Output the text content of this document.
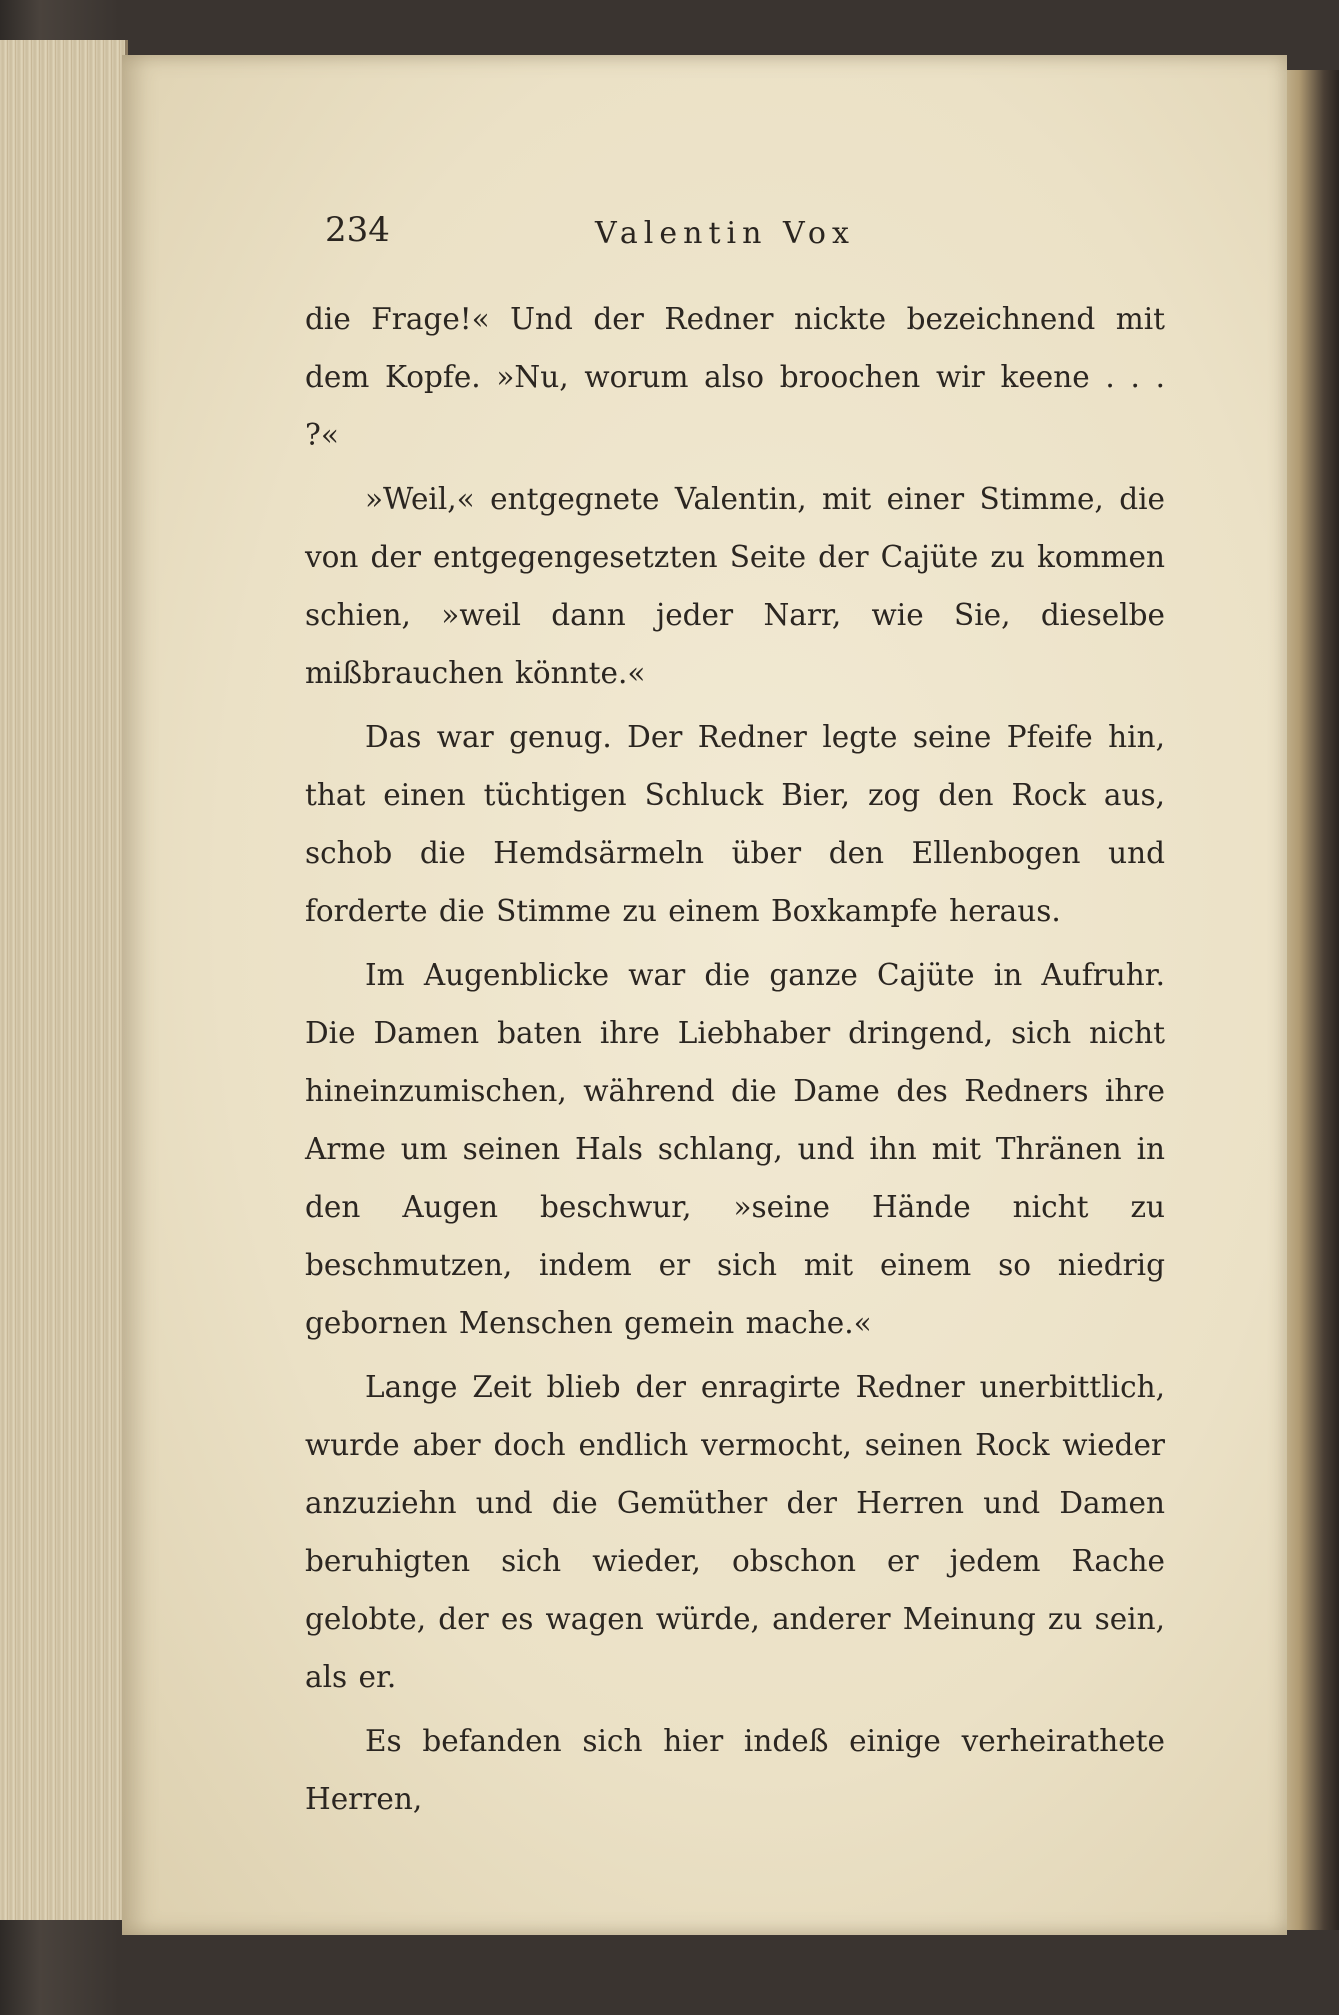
234	Valentin Vox

die Frage!« Und der Redner nickte bezeichnend mit dem Kopfe. »Nu, worum also broochen wir keene . . . ?«

»Weil,« entgegnete Valentin, mit einer Stimme, die von der entgegengesetzten Seite der Cajüte zu kommen schien, »weil dann jeder Narr, wie Sie, dieselbe mißbrauchen könnte.«

Das war genug. Der Redner legte seine Pfeife hin, that einen tüchtigen Schluck Bier, zog den Rock aus, schob die Hemdsärmeln über den Ellenbogen und forderte die Stimme zu einem Boxkampfe heraus.

Im Augenblicke war die ganze Cajüte in Aufruhr. Die Damen baten ihre Liebhaber dringend, sich nicht hineinzumischen, während die Dame des Redners ihre Arme um seinen Hals schlang, und ihn mit Thränen in den Augen beschwur, »seine Hände nicht zu beschmutzen, indem er sich mit einem so niedrig gebornen Menschen gemein mache.«

Lange Zeit blieb der enragirte Redner unerbittlich, wurde aber doch endlich vermocht, seinen Rock wieder anzuziehn und die Gemüther der Herren und Damen beruhigten sich wieder, obschon er jedem Rache gelobte, der es wagen würde, anderer Meinung zu sein, als er.

Es befanden sich hier indeß einige verheirathete Herren,
